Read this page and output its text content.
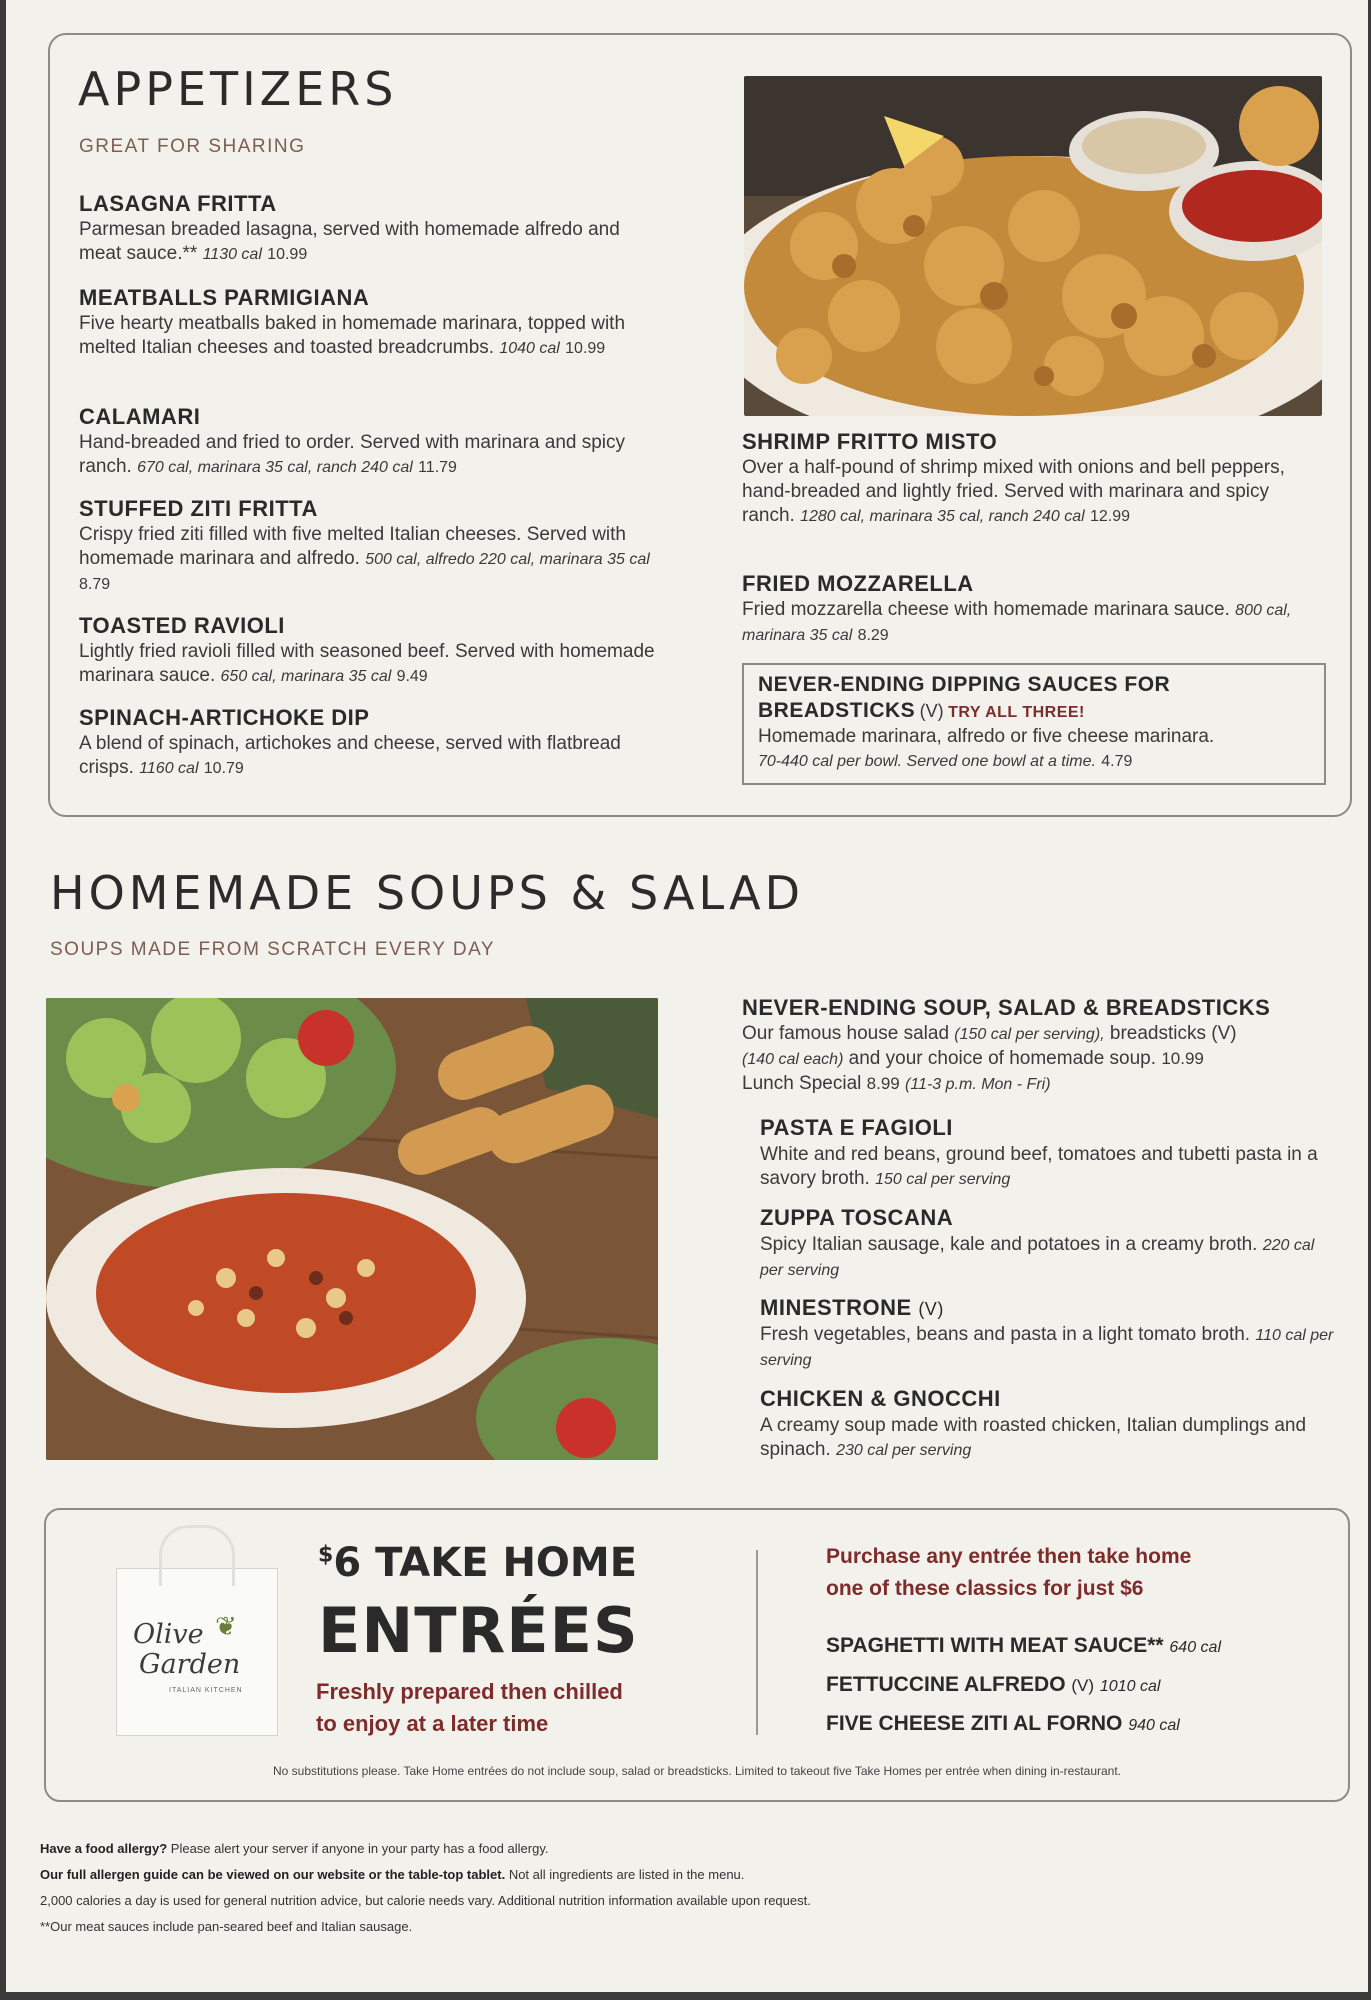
APPETIZERS
GREAT FOR SHARING
LASAGNA FRITTA
Parmesan breaded lasagna, served with homemade alfredo and meat sauce.** 1130 cal 10.99
MEATBALLS PARMIGIANA
Five hearty meatballs baked in homemade marinara, topped with melted Italian cheeses and toasted breadcrumbs. 1040 cal 10.99
CALAMARI
Hand-breaded and fried to order. Served with marinara and spicy ranch. 670 cal, marinara 35 cal, ranch 240 cal 11.79
STUFFED ZITI FRITTA
Crispy fried ziti filled with five melted Italian cheeses. Served with homemade marinara and alfredo. 500 cal, alfredo 220 cal, marinara 35 cal 8.79
TOASTED RAVIOLI
Lightly fried ravioli filled with seasoned beef. Served with homemade marinara sauce. 650 cal, marinara 35 cal 9.49
SPINACH-ARTICHOKE DIP
A blend of spinach, artichokes and cheese, served with flatbread crisps. 1160 cal 10.79
SHRIMP FRITTO MISTO
Over a half-pound of shrimp mixed with onions and bell peppers, hand-breaded and lightly fried. Served with marinara and spicy ranch. 1280 cal, marinara 35 cal, ranch 240 cal 12.99
FRIED MOZZARELLA
Fried mozzarella cheese with homemade marinara sauce. 800 cal, marinara 35 cal 8.29
NEVER-ENDING DIPPING SAUCES FOR BREADSTICKS (V) TRY ALL THREE!
Homemade marinara, alfredo or five cheese marinara.
70-440 cal per bowl. Served one bowl at a time. 4.79
HOMEMADE SOUPS & SALAD
SOUPS MADE FROM SCRATCH EVERY DAY
NEVER-ENDING SOUP, SALAD & BREADSTICKS
Our famous house salad (150 cal per serving), breadsticks (V)
(140 cal each) and your choice of homemade soup. 10.99
Lunch Special 8.99 (11-3 p.m. Mon - Fri)
PASTA E FAGIOLI
White and red beans, ground beef, tomatoes and tubetti pasta in a savory broth. 150 cal per serving
ZUPPA TOSCANA
Spicy Italian sausage, kale and potatoes in a creamy broth. 220 cal per serving
MINESTRONE (V)
Fresh vegetables, beans and pasta in a light tomato broth. 110 cal per serving
CHICKEN & GNOCCHI
A creamy soup made with roasted chicken, Italian dumplings and spinach. 230 cal per serving
Olive ❦
Garden
ITALIAN KITCHEN
$6 TAKE HOME
ENTRÉES
Freshly prepared then chilled
to enjoy at a later time
Purchase any entrée then take home
one of these classics for just $6
SPAGHETTI WITH MEAT SAUCE** 640 cal
FETTUCCINE ALFREDO (V) 1010 cal
FIVE CHEESE ZITI AL FORNO 940 cal
No substitutions please. Take Home entrées do not include soup, salad or breadsticks. Limited to takeout five Take Homes per entrée when dining in-restaurant.
Have a food allergy? Please alert your server if anyone in your party has a food allergy.
Our full allergen guide can be viewed on our website or the table-top tablet. Not all ingredients are listed in the menu.
2,000 calories a day is used for general nutrition advice, but calorie needs vary. Additional nutrition information available upon request.
**Our meat sauces include pan-seared beef and Italian sausage.
